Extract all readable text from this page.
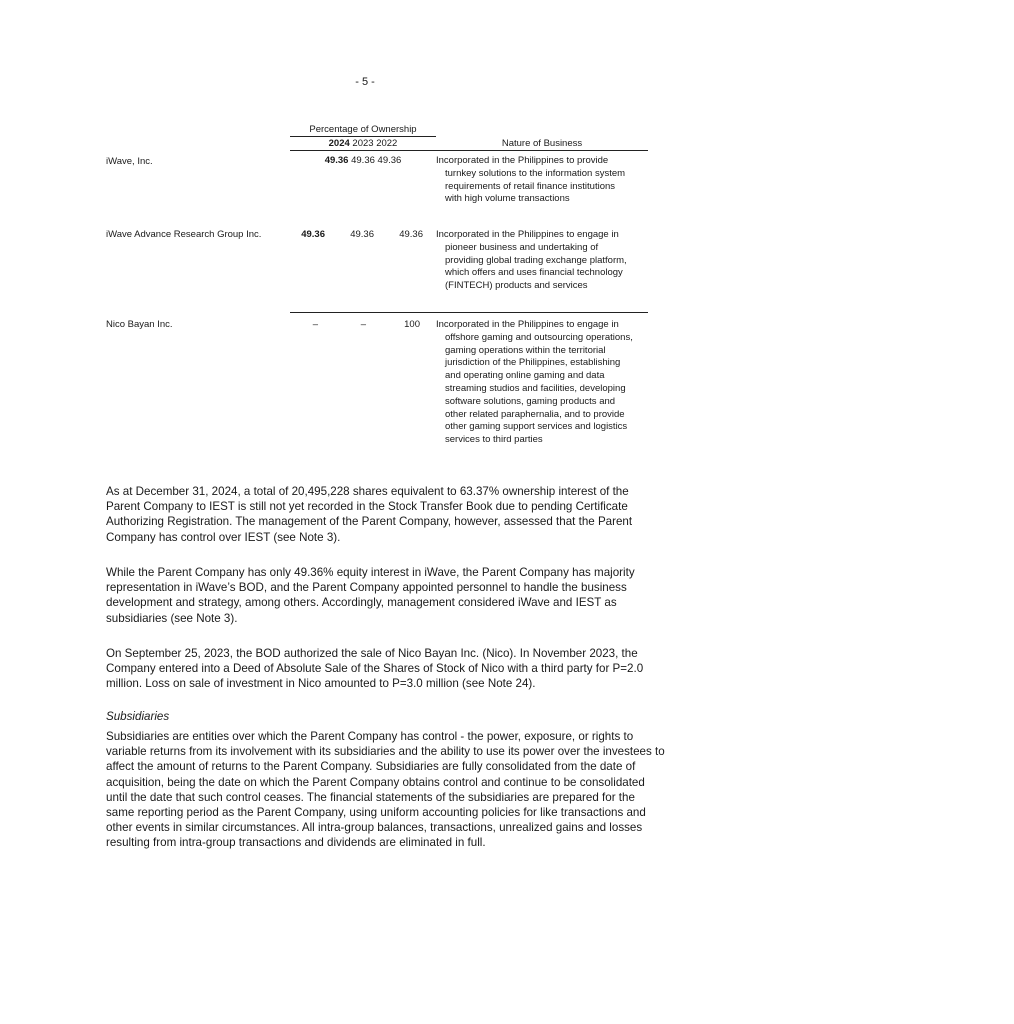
- 5 -
Percentage of Ownership
2024 2023 2022	Nature of Business
iWave, Inc.	49.36 49.36 49.36	Incorporated in the Philippines to provide

turnkey solutions to the information system

requirements of retail finance institutions

with high volume transactions

iWave Advance Research Group Inc.	49.36	49.36	49.36 Incorporated in the Philippines to engage in

pioneer business and undertaking of

providing global trading exchange platform,

which offers and uses financial technology

(FINTECH) products and services

Nico Bayan Inc.	–	–	100 Incorporated in the Philippines to engage in

offshore gaming and outsourcing operations,

gaming operations within the territorial

jurisdiction of the Philippines, establishing

and operating online gaming and data

streaming studios and facilities, developing

software solutions, gaming products and

other related paraphernalia, and to provide

other gaming support services and logistics

services to third parties

As at December 31, 2024, a total of 20,495,228 shares equivalent to 63.37% ownership interest of the Parent Company to IEST is still not yet recorded in the Stock Transfer Book due to pending Certificate Authorizing Registration. The management of the Parent Company, however, assessed that the Parent Company has control over IEST (see Note 3).

While the Parent Company has only 49.36% equity interest in iWave, the Parent Company has majority representation in iWave’s BOD, and the Parent Company appointed personnel to handle the business development and strategy, among others. Accordingly, management considered iWave and IEST as subsidiaries (see Note 3).

On September 25, 2023, the BOD authorized the sale of Nico Bayan Inc. (Nico). In November 2023, the Company entered into a Deed of Absolute Sale of the Shares of Stock of Nico with a third party for P=2.0 million. Loss on sale of investment in Nico amounted to P=3.0 million (see Note 24).

Subsidiaries

Subsidiaries are entities over which the Parent Company has control - the power, exposure, or rights to variable returns from its involvement with its subsidiaries and the ability to use its power over the investees to affect the amount of returns to the Parent Company. Subsidiaries are fully consolidated from the date of acquisition, being the date on which the Parent Company obtains control and continue to be consolidated until the date that such control ceases. The financial statements of the subsidiaries are prepared for the same reporting period as the Parent Company, using uniform accounting policies for like transactions and other events in similar circumstances. All intra-group balances, transactions, unrealized gains and losses resulting from intra-group transactions and dividends are eliminated in full.
